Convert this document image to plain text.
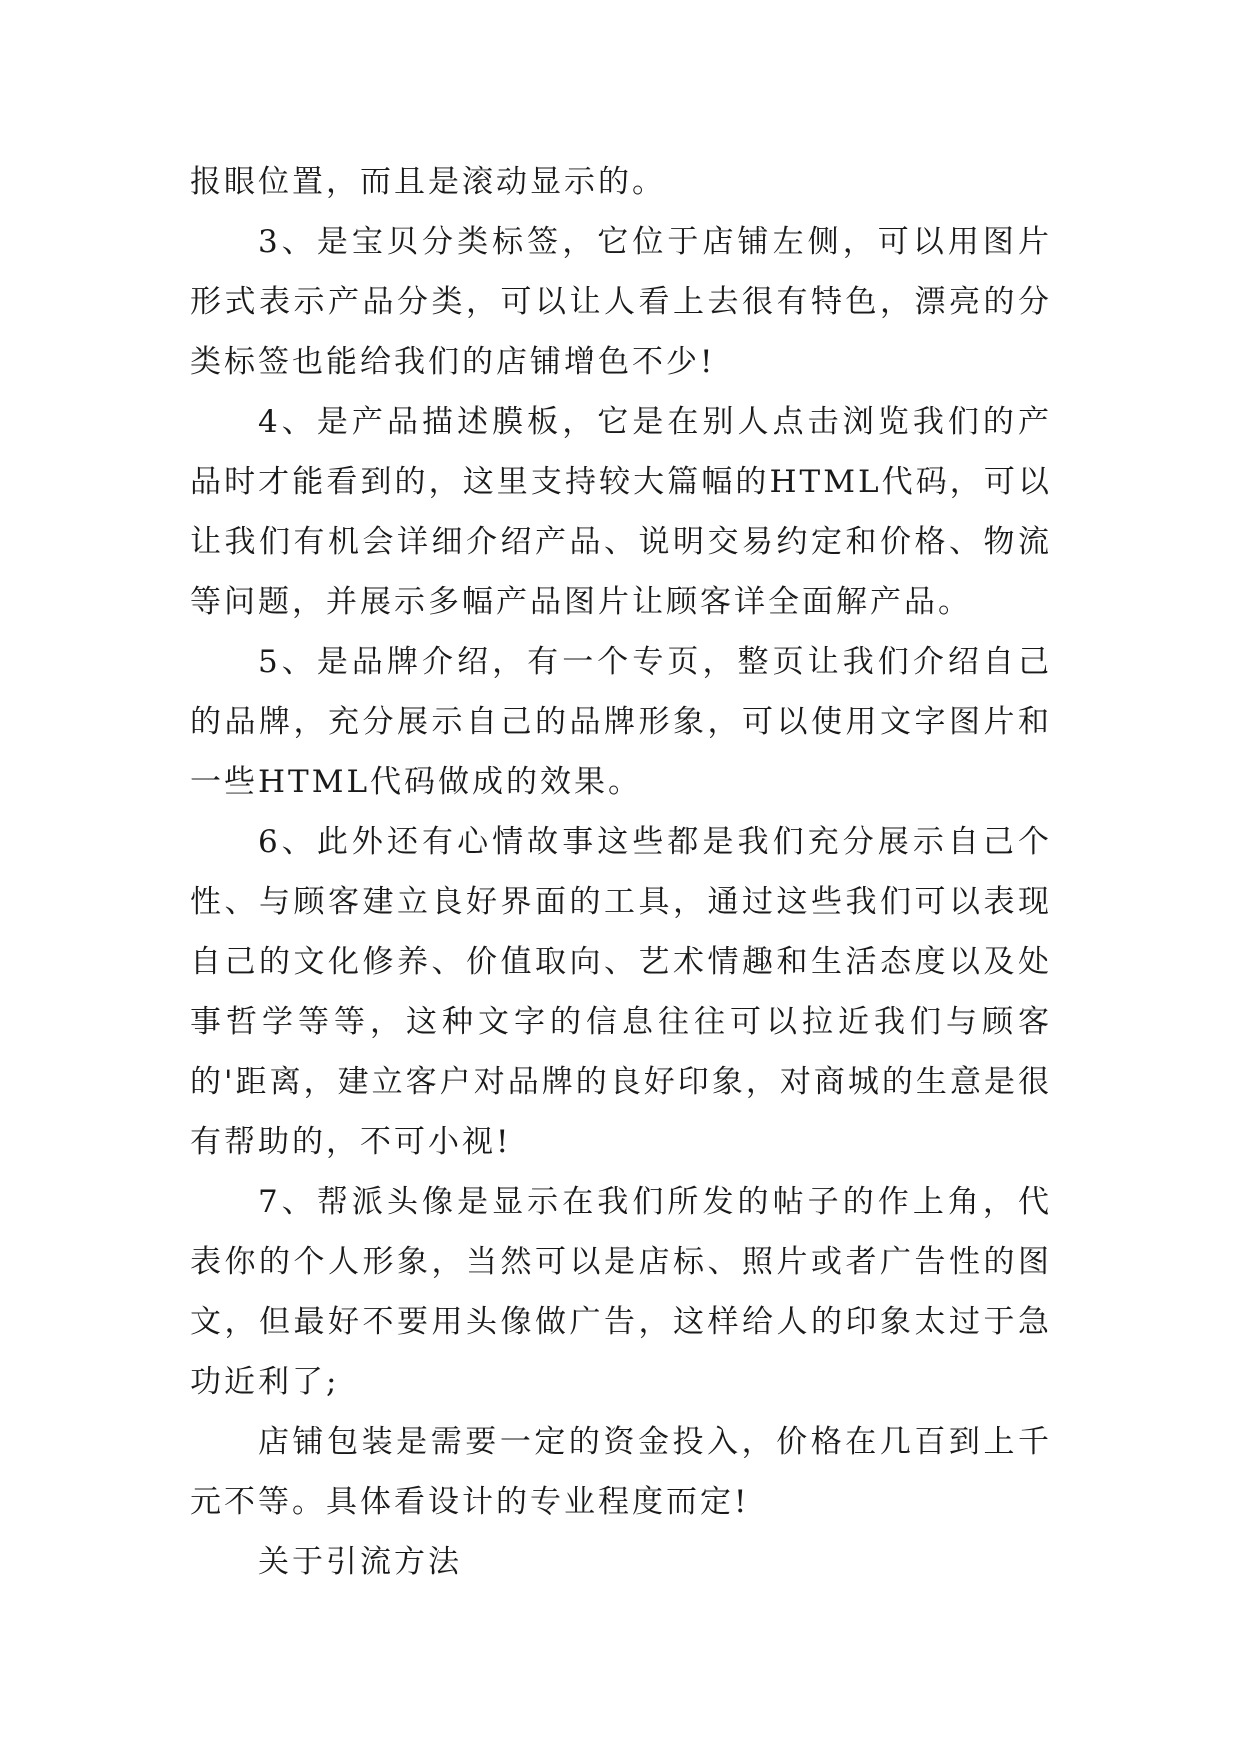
报眼位置，而且是滚动显示的。

3、是宝贝分类标签，它位于店铺左侧，可以用图片形式表示产品分类，可以让人看上去很有特色，漂亮的分类标签也能给我们的店铺增色不少!

4、是产品描述膜板，它是在别人点击浏览我们的产品时才能看到的，这里支持较大篇幅的HTML代码，可以让我们有机会详细介绍产品、说明交易约定和价格、物流等问题，并展示多幅产品图片让顾客详全面解产品。

5、是品牌介绍，有一个专页，整页让我们介绍自己的品牌，充分展示自己的品牌形象，可以使用文字图片和一些HTML代码做成的效果。

6、此外还有心情故事这些都是我们充分展示自己个性、与顾客建立良好界面的工具，通过这些我们可以表现自己的文化修养、价值取向、艺术情趣和生活态度以及处事哲学等等，这种文字的信息往往可以拉近我们与顾客的'距离，建立客户对品牌的良好印象，对商城的生意是很有帮助的，不可小视!

7、帮派头像是显示在我们所发的帖子的作上角，代表你的个人形象，当然可以是店标、照片或者广告性的图文，但最好不要用头像做广告，这样给人的印象太过于急功近利了;

店铺包装是需要一定的资金投入，价格在几百到上千元不等。具体看设计的专业程度而定!

关于引流方法
